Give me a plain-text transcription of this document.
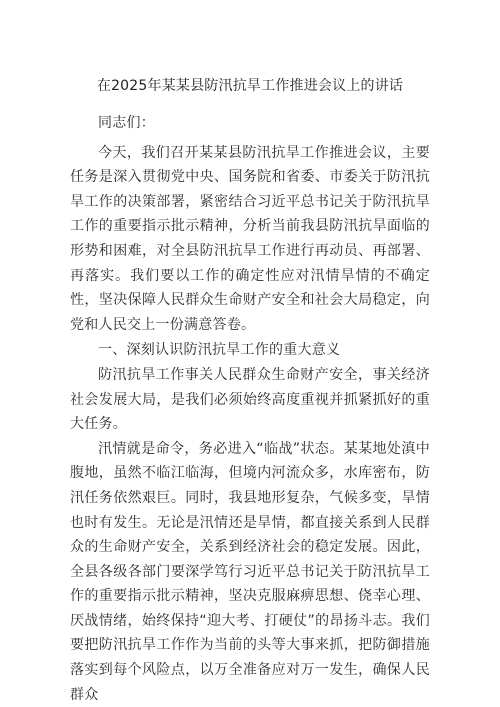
在2025年某某县防汛抗旱工作推进会议上的讲话

同志们：

今天，我们召开某某县防汛抗旱工作推进会议，主要任务是深入贯彻党中央、国务院和省委、市委关于防汛抗旱工作的决策部署，紧密结合习近平总书记关于防汛抗旱工作的重要指示批示精神，分析当前我县防汛抗旱面临的形势和困难，对全县防汛抗旱工作进行再动员、再部署、再落实。我们要以工作的确定性应对汛情旱情的不确定性，坚决保障人民群众生命财产安全和社会大局稳定，向党和人民交上一份满意答卷。

一、深刻认识防汛抗旱工作的重大意义

防汛抗旱工作事关人民群众生命财产安全，事关经济社会发展大局，是我们必须始终高度重视并抓紧抓好的重大任务。

汛情就是命令，务必进入“临战”状态。某某地处滇中腹地，虽然不临江临海，但境内河流众多，水库密布，防汛任务依然艰巨。同时，我县地形复杂，气候多变，旱情也时有发生。无论是汛情还是旱情，都直接关系到人民群众的生命财产安全，关系到经济社会的稳定发展。因此，全县各级各部门要深学笃行习近平总书记关于防汛抗旱工作的重要指示批示精神，坚决克服麻痹思想、侥幸心理、厌战情绪，始终保持“迎大考、打硬仗”的昂扬斗志。我们要把防汛抗旱工作作为当前的头等大事来抓，把防御措施落实到每个风险点，以万全准备应对万一发生，确保人民群众
